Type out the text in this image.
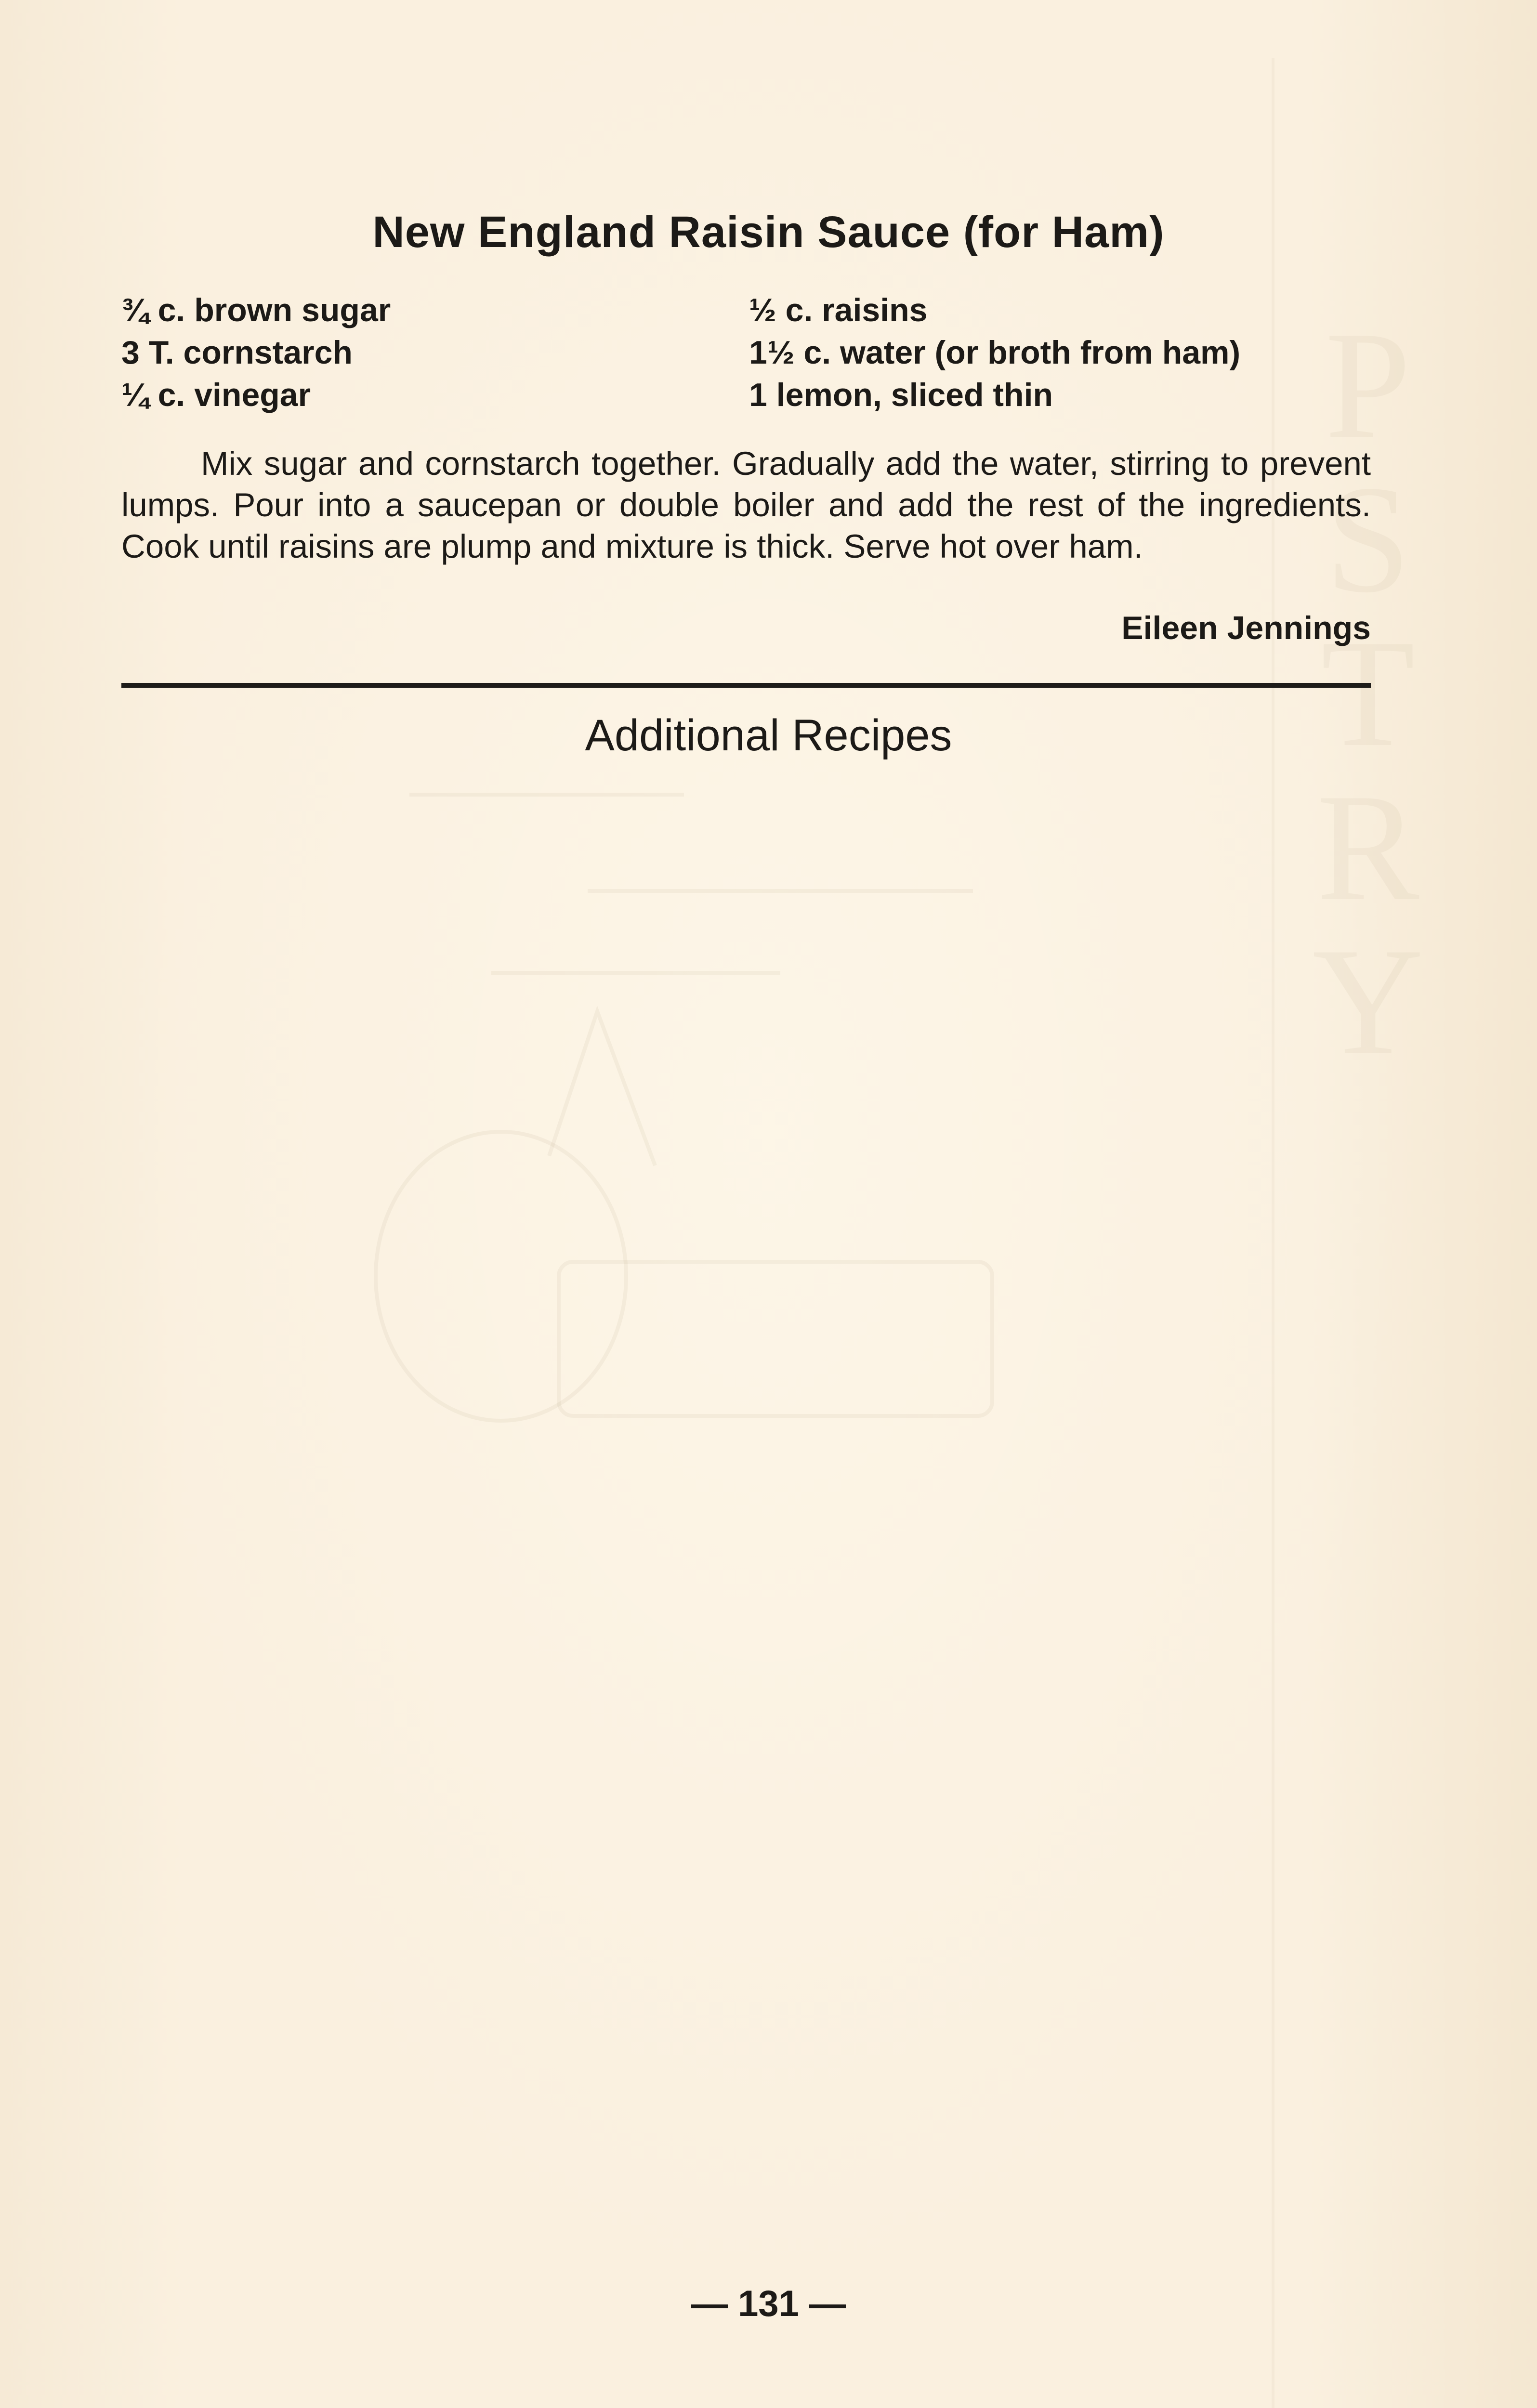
P
S
T
R
Y
New England Raisin Sauce (for Ham)
¾ c. brown sugar
3 T. cornstarch
¼ c. vinegar
½ c. raisins
1½ c. water (or broth from ham)
1 lemon, sliced thin
Mix sugar and cornstarch together. Gradually add the water, stirring to prevent lumps. Pour into a saucepan or double boiler and add the rest of the ingredients. Cook until raisins are plump and mixture is thick. Serve hot over ham.
Eileen Jennings
Additional Recipes
— 131 —
